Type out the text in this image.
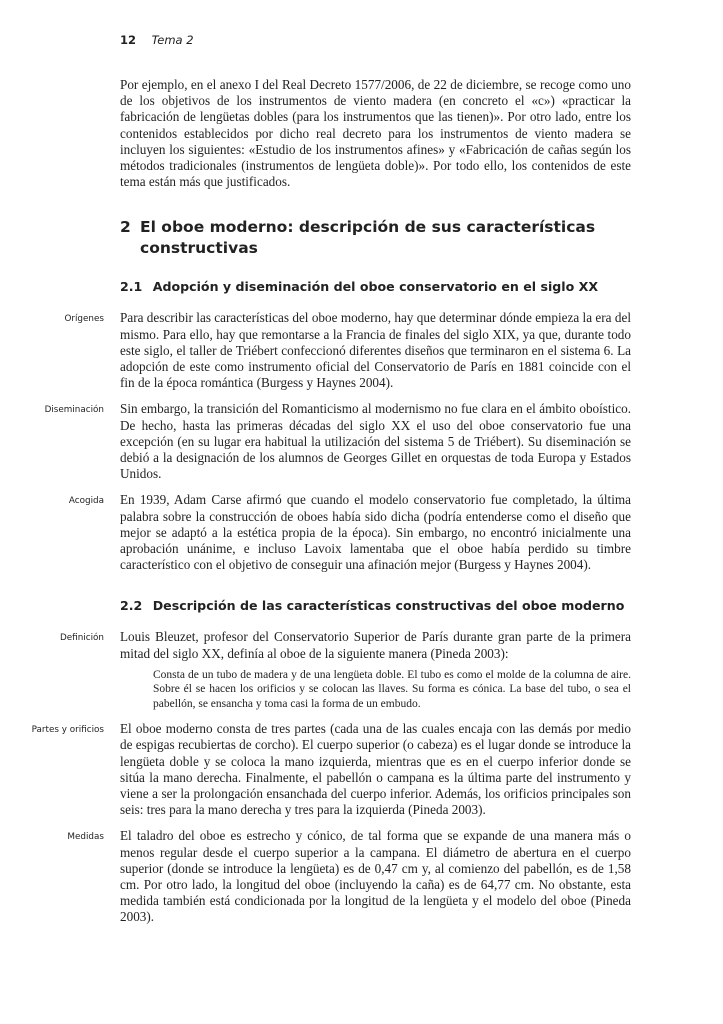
12 Tema 2

Por ejemplo, en el anexo I del Real Decreto 1577/2006, de 22 de diciembre, se recoge como uno de los objetivos de los instrumentos de viento madera (en concreto el «c») «practicar la fabricación de lengüetas dobles (para los instrumentos que las tienen)». Por otro lado, entre los contenidos establecidos por dicho real decreto para los instrumentos de viento madera se incluyen los siguientes: «Estudio de los instrumentos afines» y «Fabricación de cañas según los métodos tradicionales (instrumentos de lengüeta doble)». Por todo ello, los contenidos de este tema están más que justificados.

2 El oboe moderno: descripción de sus características constructivas
2.1 Adopción y diseminación del oboe conservatorio en el siglo XX

Orígenes Para describir las características del oboe moderno, hay que determinar dónde empieza la era del mismo. Para ello, hay que remontarse a la Francia de finales del siglo XIX, ya que, durante todo este siglo, el taller de Triébert confeccionó diferentes diseños que terminaron en el sistema 6. La adopción de este como instrumento oficial del Conservatorio de París en 1881 coincide con el fin de la época romántica (Burgess y Haynes 2004).

Diseminación Sin embargo, la transición del Romanticismo al modernismo no fue clara en el ámbito oboístico. De hecho, hasta las primeras décadas del siglo XX el uso del oboe conservatorio fue una excepción (en su lugar era habitual la utilización del sistema 5 de Triébert). Su diseminación se debió a la designación de los alumnos de Georges Gillet en orquestas de toda Europa y Estados Unidos.

Acogida En 1939, Adam Carse afirmó que cuando el modelo conservatorio fue completado, la última palabra sobre la construcción de oboes había sido dicha (podría entenderse como el diseño que mejor se adaptó a la estética propia de la época). Sin embargo, no encontró inicialmente una aprobación unánime, e incluso Lavoix lamentaba que el oboe había perdido su timbre característico con el objetivo de conseguir una afinación mejor (Burgess y Haynes 2004).

2.2 Descripción de las características constructivas del oboe moderno

Definición Louis Bleuzet, profesor del Conservatorio Superior de París durante gran parte de la primera mitad del siglo XX, definía al oboe de la siguiente manera (Pineda 2003):

Consta de un tubo de madera y de una lengüeta doble. El tubo es como el molde de la columna de aire. Sobre él se hacen los orificios y se colocan las llaves. Su forma es cónica. La base del tubo, o sea el pabellón, se ensancha y toma casi la forma de un embudo.

Partes y orificios El oboe moderno consta de tres partes (cada una de las cuales encaja con las demás por medio de espigas recubiertas de corcho). El cuerpo superior (o cabeza) es el lugar donde se introduce la lengüeta doble y se coloca la mano izquierda, mientras que es en el cuerpo inferior donde se sitúa la mano derecha. Finalmente, el pabellón o campana es la última parte del instrumento y viene a ser la prolongación ensanchada del cuerpo inferior. Además, los orificios principales son seis: tres para la mano derecha y tres para la izquierda (Pineda 2003).

Medidas El taladro del oboe es estrecho y cónico, de tal forma que se expande de una manera más o menos regular desde el cuerpo superior a la campana. El diámetro de abertura en el cuerpo superior (donde se introduce la lengüeta) es de 0,47 cm y, al comienzo del pabellón, es de 1,58 cm. Por otro lado, la longitud del oboe (incluyendo la caña) es de 64,77 cm. No obstante, esta medida también está condicionada por la longitud de la lengüeta y el modelo del oboe (Pineda 2003).
